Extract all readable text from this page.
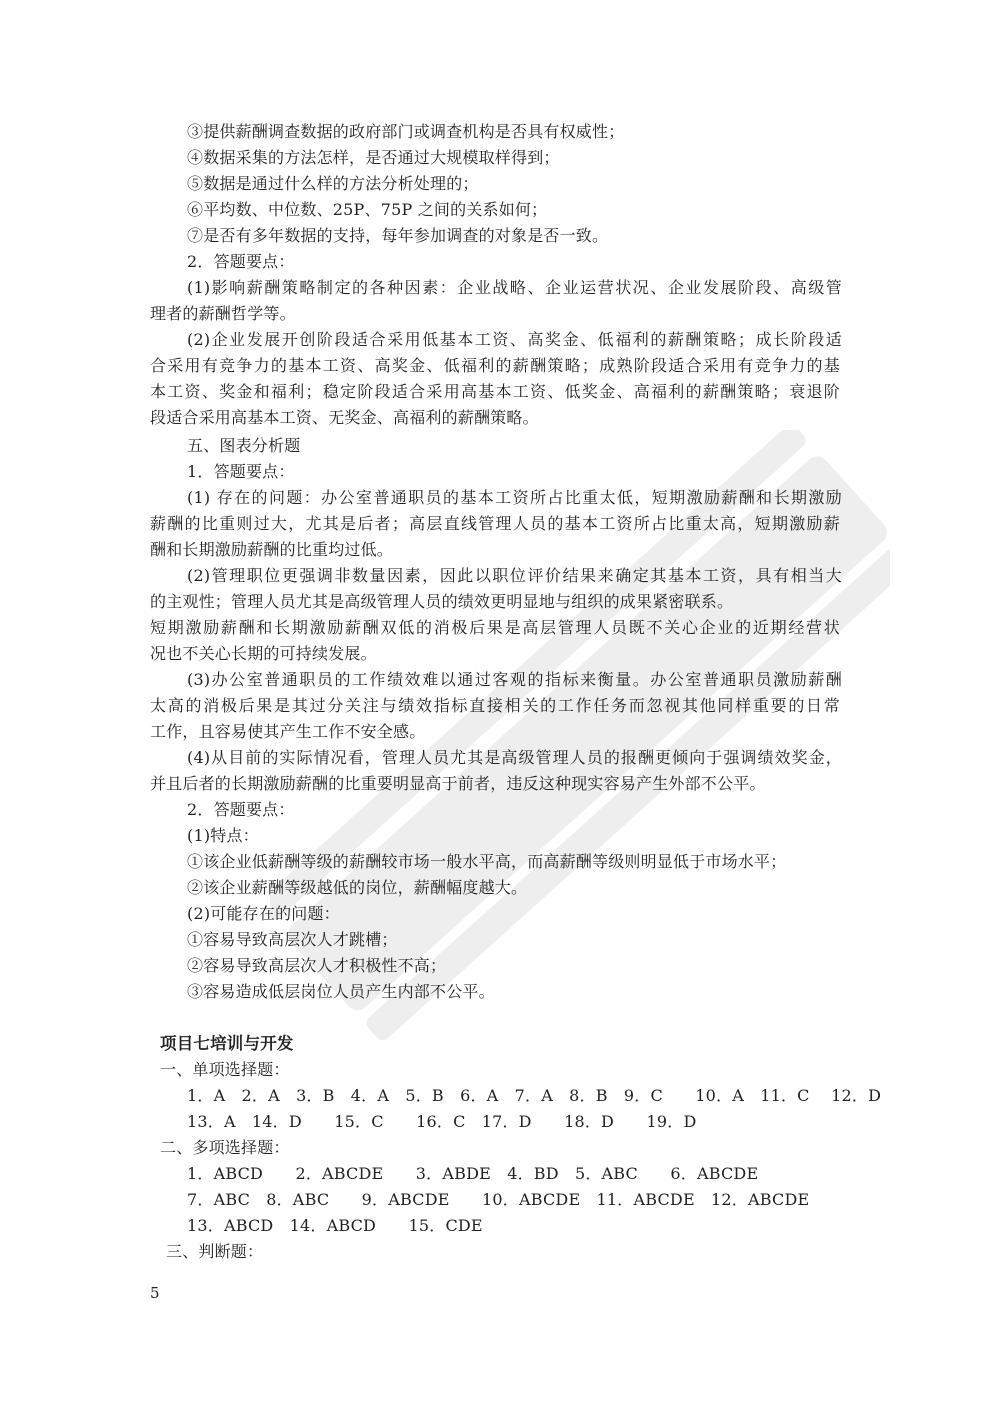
③提供薪酬调查数据的政府部门或调查机构是否具有权威性；
④数据采集的方法怎样，是否通过大规模取样得到；
⑤数据是通过什么样的方法分析处理的；
⑥平均数、中位数、25P、75P 之间的关系如何；
⑦是否有多年数据的支持，每年参加调查的对象是否一致。
2．答题要点：
(1)影响薪酬策略制定的各种因素：企业战略、企业运营状况、企业发展阶段、高级管
理者的薪酬哲学等。
(2)企业发展开创阶段适合采用低基本工资、高奖金、低福利的薪酬策略；成长阶段适
合采用有竞争力的基本工资、高奖金、低福利的薪酬策略；成熟阶段适合采用有竞争力的基
本工资、奖金和福利；稳定阶段适合采用高基本工资、低奖金、高福利的薪酬策略；衰退阶
段适合采用高基本工资、无奖金、高福利的薪酬策略。
五、图表分析题
1．答题要点：
(1) 存在的问题：办公室普通职员的基本工资所占比重太低，短期激励薪酬和长期激励
薪酬的比重则过大，尤其是后者；高层直线管理人员的基本工资所占比重太高，短期激励薪
酬和长期激励薪酬的比重均过低。
(2)管理职位更强调非数量因素，因此以职位评价结果来确定其基本工资，具有相当大
的主观性；管理人员尤其是高级管理人员的绩效更明显地与组织的成果紧密联系。
短期激励薪酬和长期激励薪酬双低的消极后果是高层管理人员既不关心企业的近期经营状
况也不关心长期的可持续发展。
(3)办公室普通职员的工作绩效难以通过客观的指标来衡量。办公室普通职员激励薪酬
太高的消极后果是其过分关注与绩效指标直接相关的工作任务而忽视其他同样重要的日常
工作，且容易使其产生工作不安全感。
(4)从目前的实际情况看，管理人员尤其是高级管理人员的报酬更倾向于强调绩效奖金，
并且后者的长期激励薪酬的比重要明显高于前者，违反这种现实容易产生外部不公平。
2．答题要点：
(1)特点：
①该企业低薪酬等级的薪酬较市场一般水平高，而高薪酬等级则明显低于市场水平；
②该企业薪酬等级越低的岗位，薪酬幅度越大。
(2)可能存在的问题：
①容易导致高层次人才跳槽；
②容易导致高层次人才积极性不高；
③容易造成低层岗位人员产生内部不公平。
项目七培训与开发
一、单项选择题：
1．A　2．A　3．B　4．A　5．B　6．A　7．A　8．B　9．C　　10．A　11．C　 12．D
13．A　14．D　　15．C　　16．C　17．D　　18．D　　19．D
二、多项选择题：
1．ABCD　　2．ABCDE　　3．ABDE　4．BD　5．ABC　　6．ABCDE
7．ABC　8．ABC　　9．ABCDE　　10．ABCDE　11．ABCDE　12．ABCDE
13．ABCD　14．ABCD　　15．CDE
三、判断题：
5
